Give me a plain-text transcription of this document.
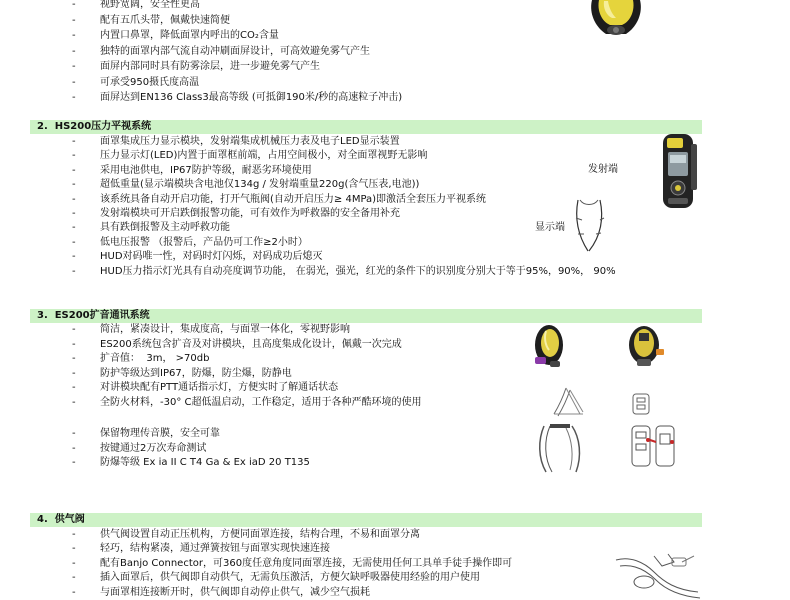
- 视野宽阔，安全性更高
- 配有五爪头带，佩戴快速简便
- 内置口鼻罩，降低面罩内呼出的CO₂含量
- 独特的面罩内部气流自动冲刷面屏设计，可高效避免雾气产生
- 面屏内部同时具有防雾涂层，进一步避免雾气产生
- 可承受950摄氏度高温
- 面屏达到EN136 Class3最高等级 (可抵御190米/秒的高速粒子冲击)
2.  HS200压力平视系统
- 面罩集成压力显示模块，发射端集成机械压力表及电子LED显示装置
- 压力显示灯(LED)内置于面罩框前端，占用空间极小，对全面罩视野无影响
- 采用电池供电，IP67防护等级，耐恶劣环境使用
- 超低重量(显示端模块含电池仅134g / 发射端重量220g(含气压表,电池))
- 该系统具备自动开启功能，打开气瓶阀(自动开启压力≥ 4MPa)即激活全套压力平视系统
- 发射端模块可开启跌倒报警功能，可有效作为呼救器的安全备用补充
- 具有跌倒报警及主动呼救功能
- 低电压报警 （报警后，产品仍可工作≥2小时）
- HUD对码唯一性，对码时灯闪烁，对码成功后熄灭
- HUD压力指示灯光具有自动亮度调节功能， 在弱光，强光，红光的条件下的识别度分别大于等于95%，90%， 90%
发射端
显示端
3.  ES200扩音通讯系统
- 简洁，紧凑设计，集成度高，与面罩一体化，零视野影响
- ES200系统包含扩音及对讲模块，且高度集成化设计，佩戴一次完成
- 扩音值：  3m， >70db
- 防护等级达到IP67，防爆，防尘爆，防静电
- 对讲模块配有PTT通话指示灯，方便实时了解通话状态
- 全防火材料，-30° C超低温启动，工作稳定，适用于各种严酷环境的使用
- 保留物理传音膜，安全可靠
- 按键通过2万次寿命测试
- 防爆等级 Ex ia II C T4 Ga & Ex iaD 20 T135
4.  供气阀
- 供气阀设置自动正压机构，方便同面罩连接，结构合理，不易和面罩分离
- 轻巧，结构紧凑，通过弹簧按钮与面罩实现快速连接
- 配有Banjo Connector，可360度任意角度同面罩连接，无需使用任何工具单手徒手操作即可
- 插入面罩后，供气阀即自动供气，无需负压激活，方便欠缺呼吸器使用经验的用户使用
- 与面罩相连接断开时，供气阀即自动停止供气，减少空气损耗
